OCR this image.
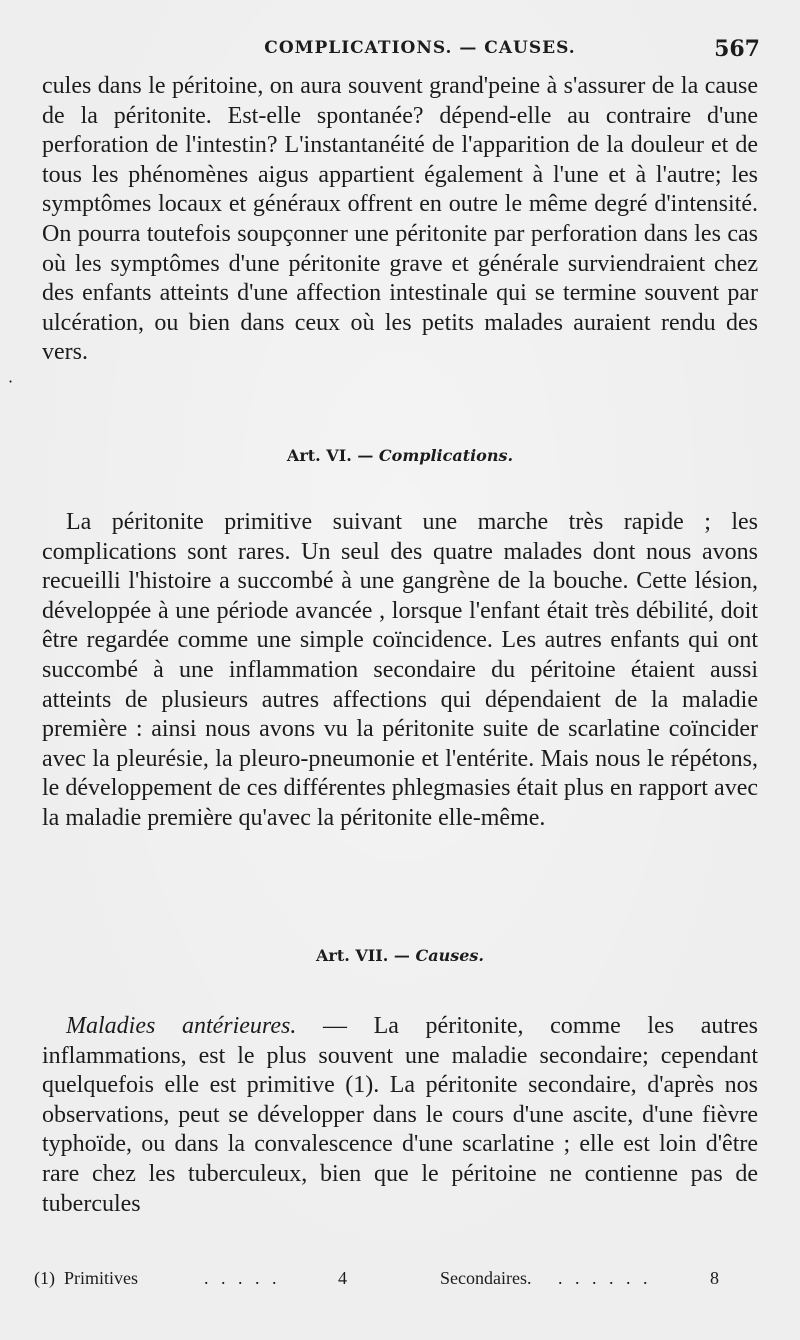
COMPLICATIONS. — CAUSES.	567
·

cules dans le péritoine, on aura souvent grand'peine à s'assurer de la cause de la péritonite. Est-elle spontanée? dépend-elle au contraire d'une perforation de l'intestin? L'instantanéité de l'apparition de la douleur et de tous les phénomènes aigus appartient également à l'une et à l'autre; les symptômes locaux et généraux offrent en outre le même degré d'intensité. On pourra toutefois soupçonner une péritonite par perforation dans les cas où les symptômes d'une péritonite grave et générale surviendraient chez des enfants atteints d'une affection intestinale qui se termine souvent par ulcération, ou bien dans ceux où les petits malades auraient rendu des vers.

Art. VI. — Complications.

La péritonite primitive suivant une marche très rapide ; les complications sont rares. Un seul des quatre malades dont nous avons recueilli l'histoire a succombé à une gangrène de la bouche. Cette lésion, développée à une période avancée , lorsque l'enfant était très débilité, doit être regardée comme une simple coïncidence. Les autres enfants qui ont succombé à une inflammation secondaire du péritoine étaient aussi atteints de plusieurs autres affections qui dépendaient de la maladie première : ainsi nous avons vu la péritonite suite de scarlatine coïncider avec la pleurésie, la pleuro-pneumonie et l'entérite. Mais nous le répétons, le développement de ces différentes phlegmasies était plus en rapport avec la maladie première qu'avec la péritonite elle-même.

Art. VII. — Causes.

Maladies antérieures. — La péritonite, comme les autres inflammations, est le plus souvent une maladie secondaire; cependant quelquefois elle est primitive (1). La péritonite secondaire, d'après nos observations, peut se développer dans le cours d'une ascite, d'une fièvre typhoïde, ou dans la convalescence d'une scarlatine ; elle est loin d'être rare chez les tuberculeux, bien que le péritoine ne contienne pas de tubercules

(1) Primitives	. . . . .	4	Secondaires. . . . . . .	8
